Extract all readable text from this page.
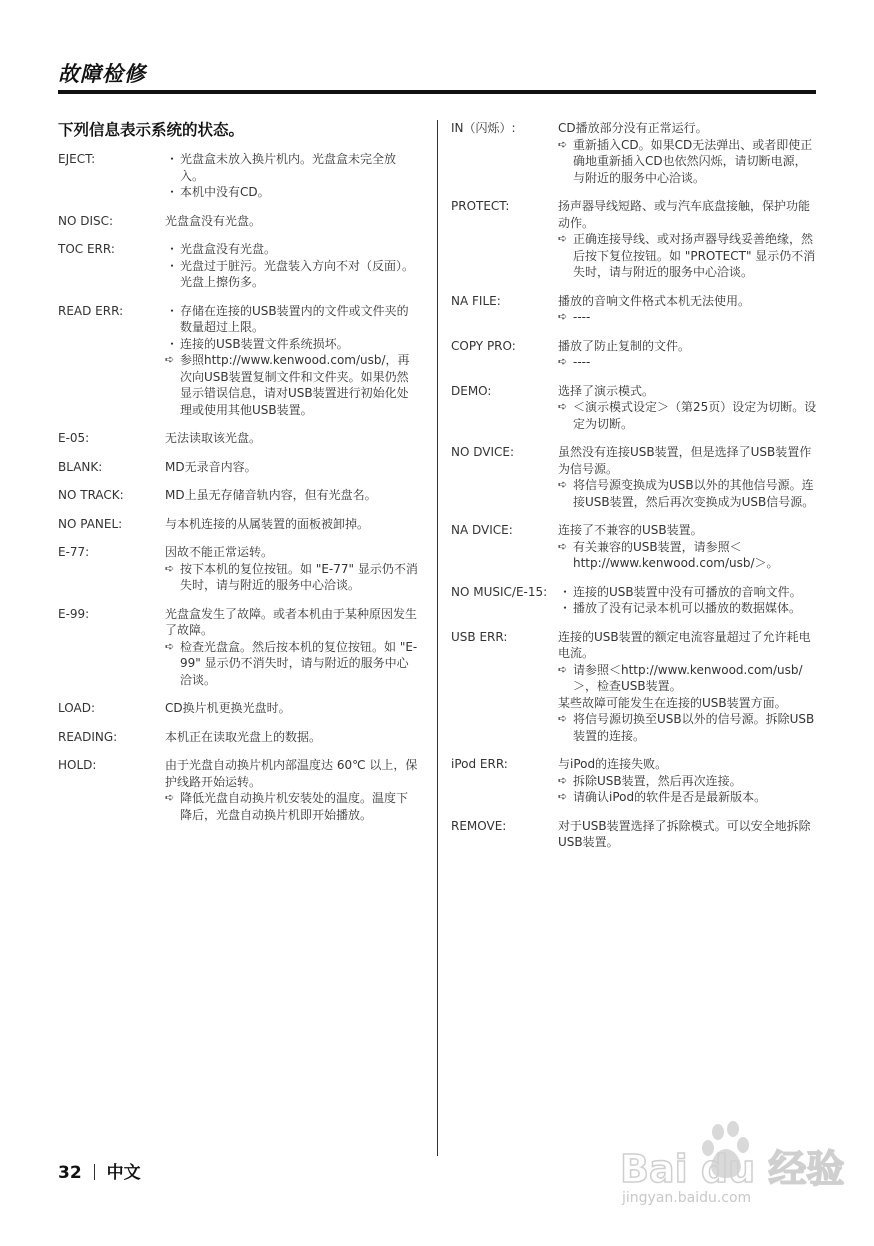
故障检修
下列信息表示系统的状态。
EJECT:	・ 光盘盒未放入换片机内。光盘盒未完全放入。
・ 本机中没有CD。
NO DISC:	光盘盒没有光盘。
TOC ERR:	・ 光盘盒没有光盘。
・ 光盘过于脏污。光盘装入方向不对（反面）。光盘上擦伤多。
READ ERR:	・ 存储在连接的USB装置内的文件或文件夹的数量超过上限。
・ 连接的USB装置文件系统损坏。
➪ 参照http://www.kenwood.com/usb/，再次向USB装置复制文件和文件夹。如果仍然显示错误信息，请对USB装置进行初始化处理或使用其他USB装置。
E-05:	无法读取该光盘。
BLANK:	MD无录音内容。
NO TRACK:	MD上虽无存储音轨内容，但有光盘名。
NO PANEL:	与本机连接的从属装置的面板被卸掉。
E-77:	因故不能正常运转。
➪ 按下本机的复位按钮。如 "E-77" 显示仍不消失时，请与附近的服务中心洽谈。
E-99:	光盘盒发生了故障。或者本机由于某种原因发生了故障。
➪ 检查光盘盒。然后按本机的复位按钮。如 "E-99" 显示仍不消失时，请与附近的服务中心洽谈。
LOAD:	CD换片机更换光盘时。
READING:	本机正在读取光盘上的数据。
HOLD:	由于光盘自动换片机内部温度达 60℃ 以上，保护线路开始运转。
➪ 降低光盘自动换片机安装处的温度。温度下降后，光盘自动换片机即开始播放。
IN（闪烁）:	CD播放部分没有正常运行。
➪ 重新插入CD。如果CD无法弹出、或者即使正确地重新插入CD也依然闪烁，请切断电源，与附近的服务中心洽谈。
PROTECT:	扬声器导线短路、或与汽车底盘接触，保护功能动作。
➪ 正确连接导线、或对扬声器导线妥善绝缘，然后按下复位按钮。如 "PROTECT" 显示仍不消失时，请与附近的服务中心洽谈。
NA FILE:	播放的音响文件格式本机无法使用。
➪ ----
COPY PRO:	播放了防止复制的文件。
➪ ----
DEMO:	选择了演示模式。
➪ ＜演示模式设定＞（第25页）设定为切断。设定为切断。
NO DVICE:	虽然没有连接USB装置，但是选择了USB装置作为信号源。
➪ 将信号源变换成为USB以外的其他信号源。连接USB装置，然后再次变换成为USB信号源。
NA DVICE:	连接了不兼容的USB装置。
➪ 有关兼容的USB装置，请参照＜http://www.kenwood.com/usb/＞。
NO MUSIC/E-15:	・ 连接的USB装置中没有可播放的音响文件。
・ 播放了没有记录本机可以播放的数据媒体。
USB ERR:	连接的USB装置的额定电流容量超过了允许耗电电流。
➪ 请参照＜http://www.kenwood.com/usb/＞，检查USB装置。
某些故障可能发生在连接的USB装置方面。
➪ 将信号源切换至USB以外的信号源。拆除USB装置的连接。
iPod ERR:	与iPod的连接失败。
➪ 拆除USB装置，然后再次连接。
➪ 请确认iPod的软件是否是最新版本。
REMOVE:	对于USB装置选择了拆除模式。可以安全地拆除USB装置。
32 中文	Bai du 经验
jingyan.baidu.com
